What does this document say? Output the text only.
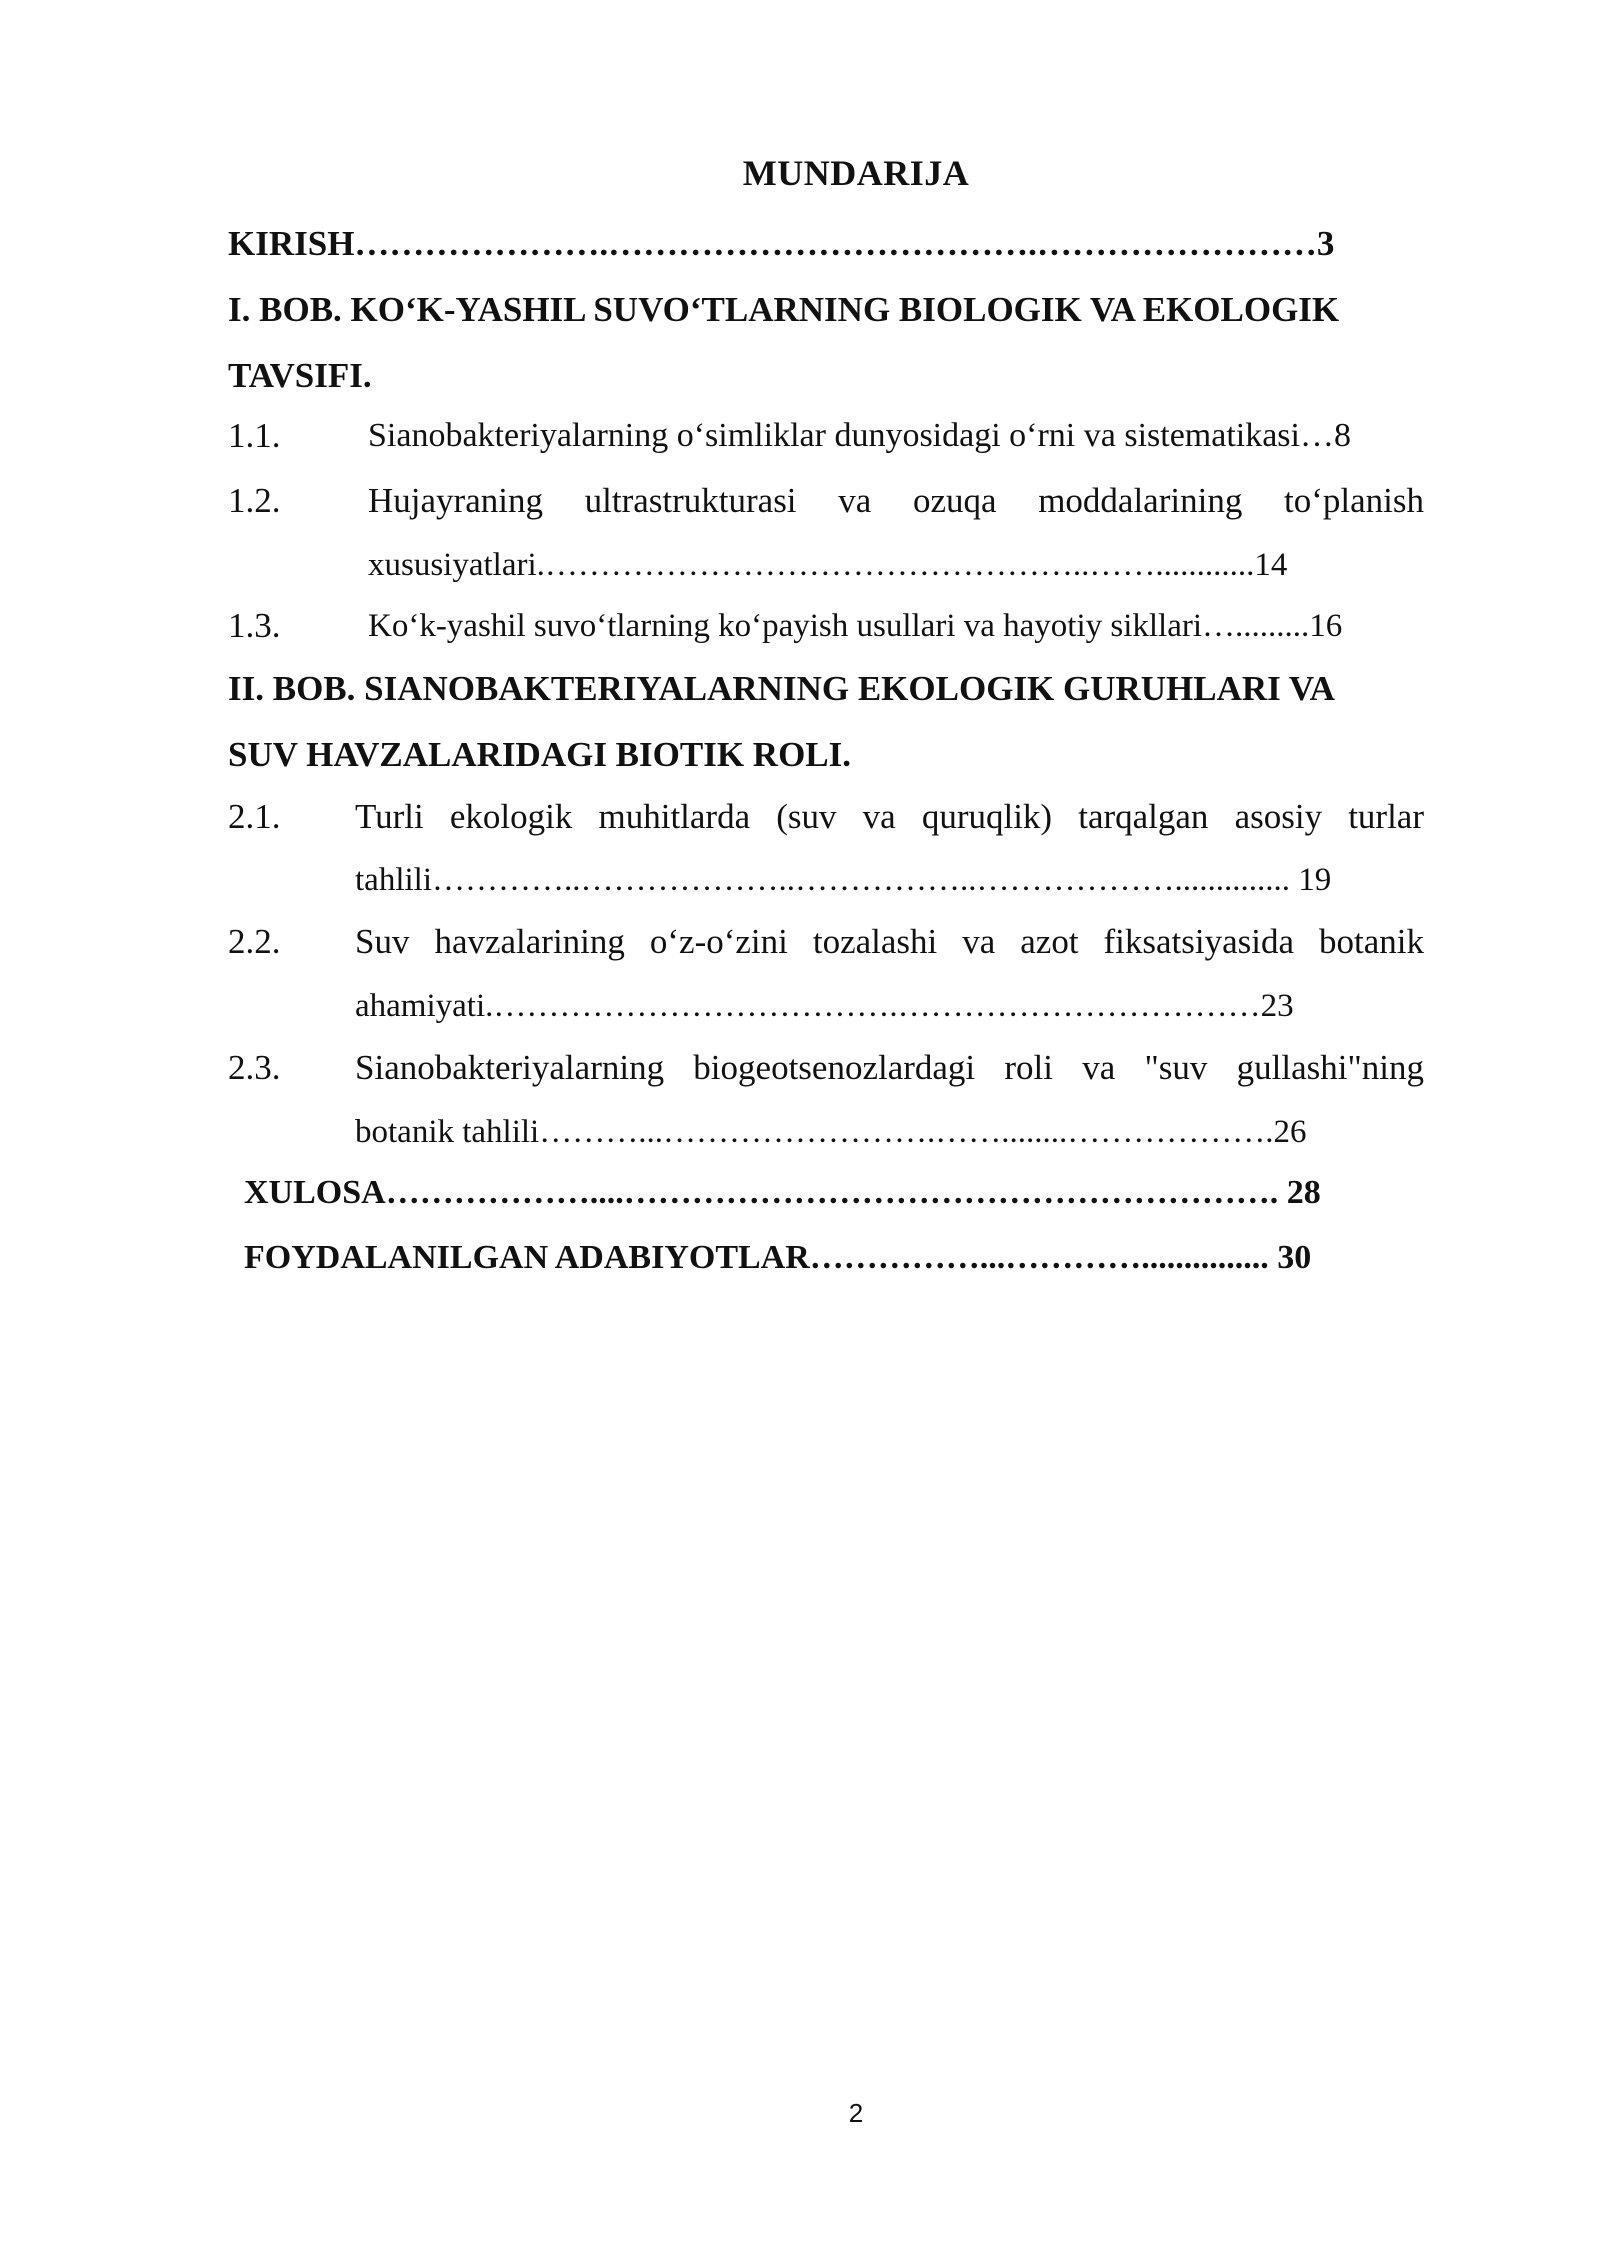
MUNDARIJA
KIRISH………………….……………………………….……………………3
I. BOB. KO‘K-YASHIL SUVO‘TLARNING BIOLOGIK VA EKOLOGIK
TAVSIFI.
1.1.	Sianobakteriyalarning o‘simliklar dunyosidagi o‘rni va sistematikasi…8
1.2.	Hujayraning ultrastrukturasi va ozuqa moddalarining to‘planish
xususiyatlari.…………………………………………..……............14
1.3.	Ko‘k-yashil suvo‘tlarning ko‘payish usullari va hayotiy sikllari….........16
II. BOB. SIANOBAKTERIYALARNING EKOLOGIK GURUHLARI VA
SUV HAVZALARIDAGI BIOTIK ROLI.
2.1. Turli ekologik muhitlarda (suv va quruqlik) tarqalgan asosiy turlar
tahlili…………..………………..……………..……………….............. 19
2.2. Suv havzalarining o‘z-o‘zini tozalashi va azot fiksatsiyasida botanik
ahamiyati.……………………………….……………………………23
2.3. Sianobakteriyalarning biogeotsenozlardagi roli va "suv gullashi"ning
botanik tahlili………...…………………….……........……………….26
XULOSA………………....…………………………………………………. 28
FOYDALANILGAN ADABIYOTLAR……………...…………............... 30
2
